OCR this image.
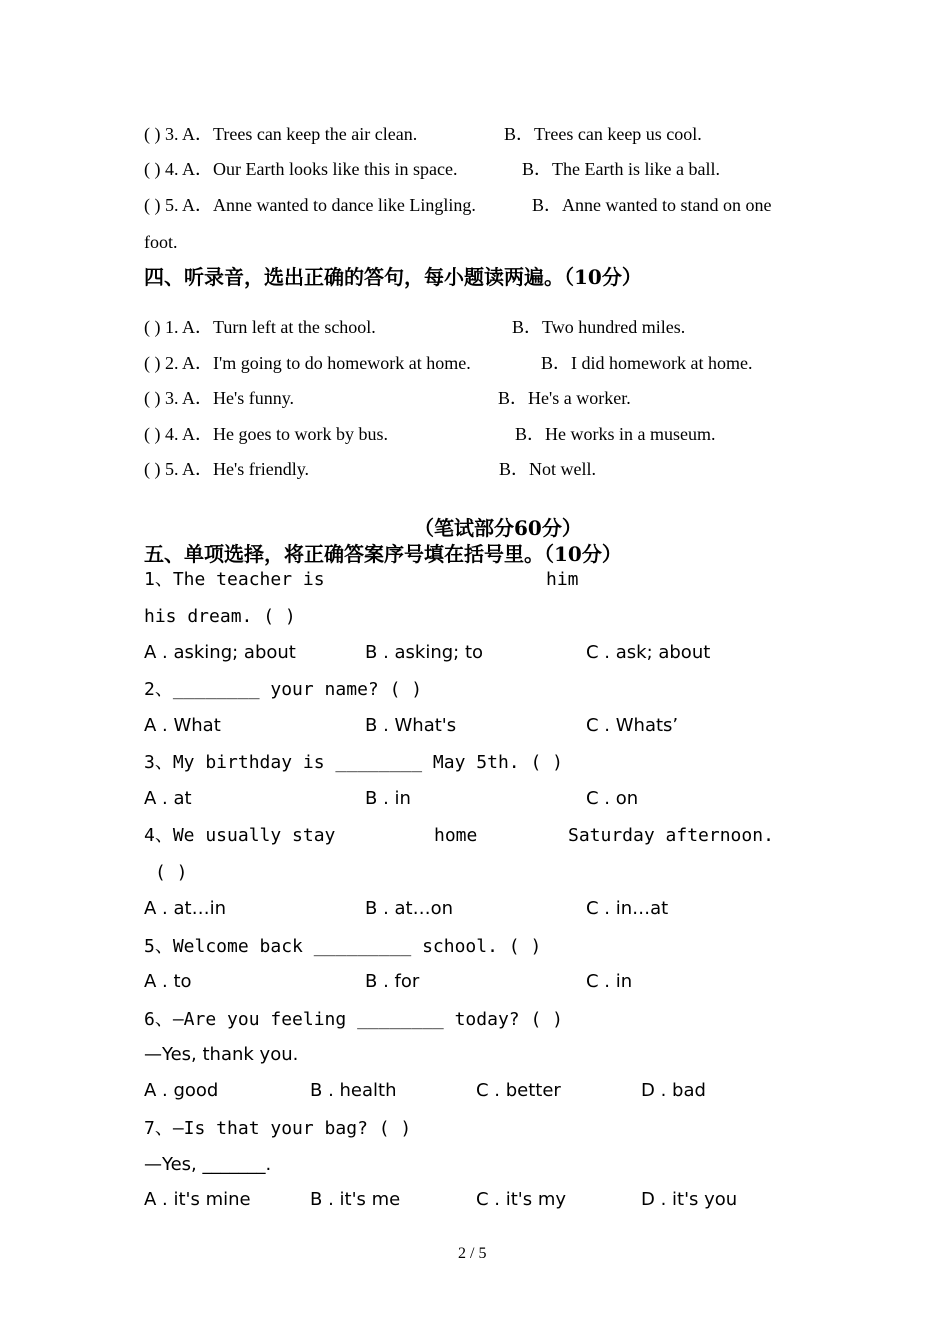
( ) 3. A．Trees can keep the air clean.	B．Trees can keep us cool.
( ) 4. A．Our Earth looks like this in space.	B．The Earth is like a ball.
( ) 5. A．Anne wanted to dance like Lingling.	B．Anne wanted to stand on one
foot.
四、听录音，选出正确的答句，每小题读两遍。（10分）
( ) 1. A．Turn left at the school.	B．Two hundred miles.
( ) 2. A．I'm going to do homework at home.	B．I did homework at home.
( ) 3. A．He's funny.	B．He's a worker.
( ) 4. A．He goes to work by bus.	B．He works in a museum.
( ) 5. A．He's friendly.	B．Not well.
（笔试部分60分）
五、单项选择，将正确答案序号填在括号里。（10分）
1、The teacher is	him
his dream. ( )
A . asking; about	B . asking; to	C . ask; about
2、________ your name? ( )
A . What	B . What's	C . Whats’
3、My birthday is ________ May 5th. ( )
A . at	B . in	C . on
4、We usually stay	home	Saturday afternoon.
( )
A . at…in	B . at…on	C . in…at
5、Welcome back _________ school. ( )
A . to	B . for	C . in
6、—Are you feeling ________ today? ( )
—Yes, thank you.
A . good	B . health	C . better	D . bad
7、—Is that your bag? ( )
—Yes, _______.
A . it's mine	B . it's me	C . it's my	D . it's you
2 / 5
